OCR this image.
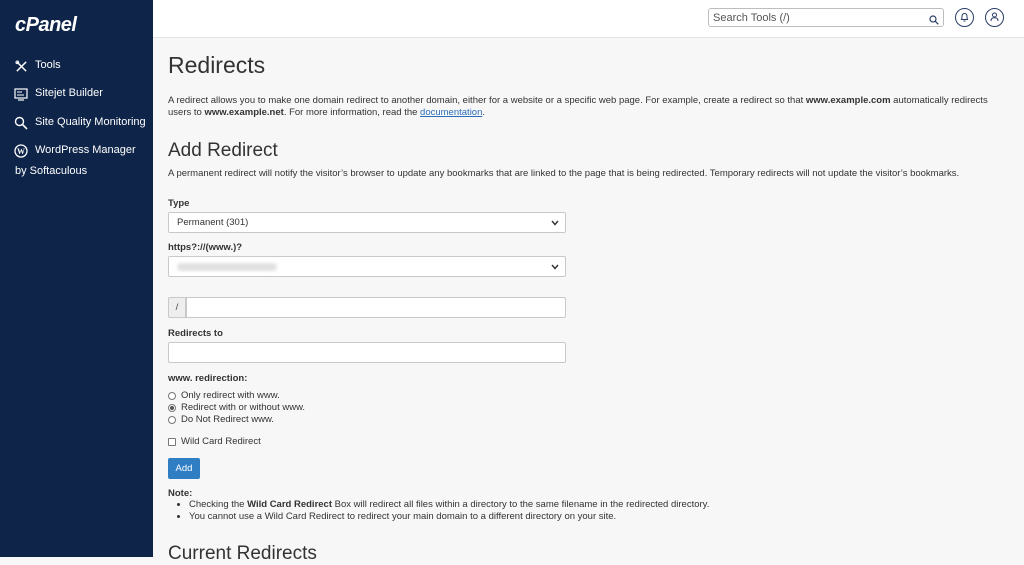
cPanel
Tools
Sitejet Builder
Site Quality Monitoring
W WordPress Manager
by Softaculous
Search Tools (/)
Redirects
A redirect allows you to make one domain redirect to another domain, either for a website or a specific web page. For example, create a redirect so that www.example.com automatically redirects users to www.example.net. For more information, read the documentation.
Add Redirect
A permanent redirect will notify the visitor’s browser to update any bookmarks that are linked to the page that is being redirected. Temporary redirects will not update the visitor’s bookmarks.
Type
Permanent (301)
https?://(www.)?
/
Redirects to
www. redirection:
Only redirect with www.
Redirect with or without www.
Do Not Redirect www.
Wild Card Redirect
Add
Note:
• Checking the Wild Card Redirect Box will redirect all files within a directory to the same filename in the redirected directory.
• You cannot use a Wild Card Redirect to redirect your main domain to a different directory on your site.
Current Redirects
